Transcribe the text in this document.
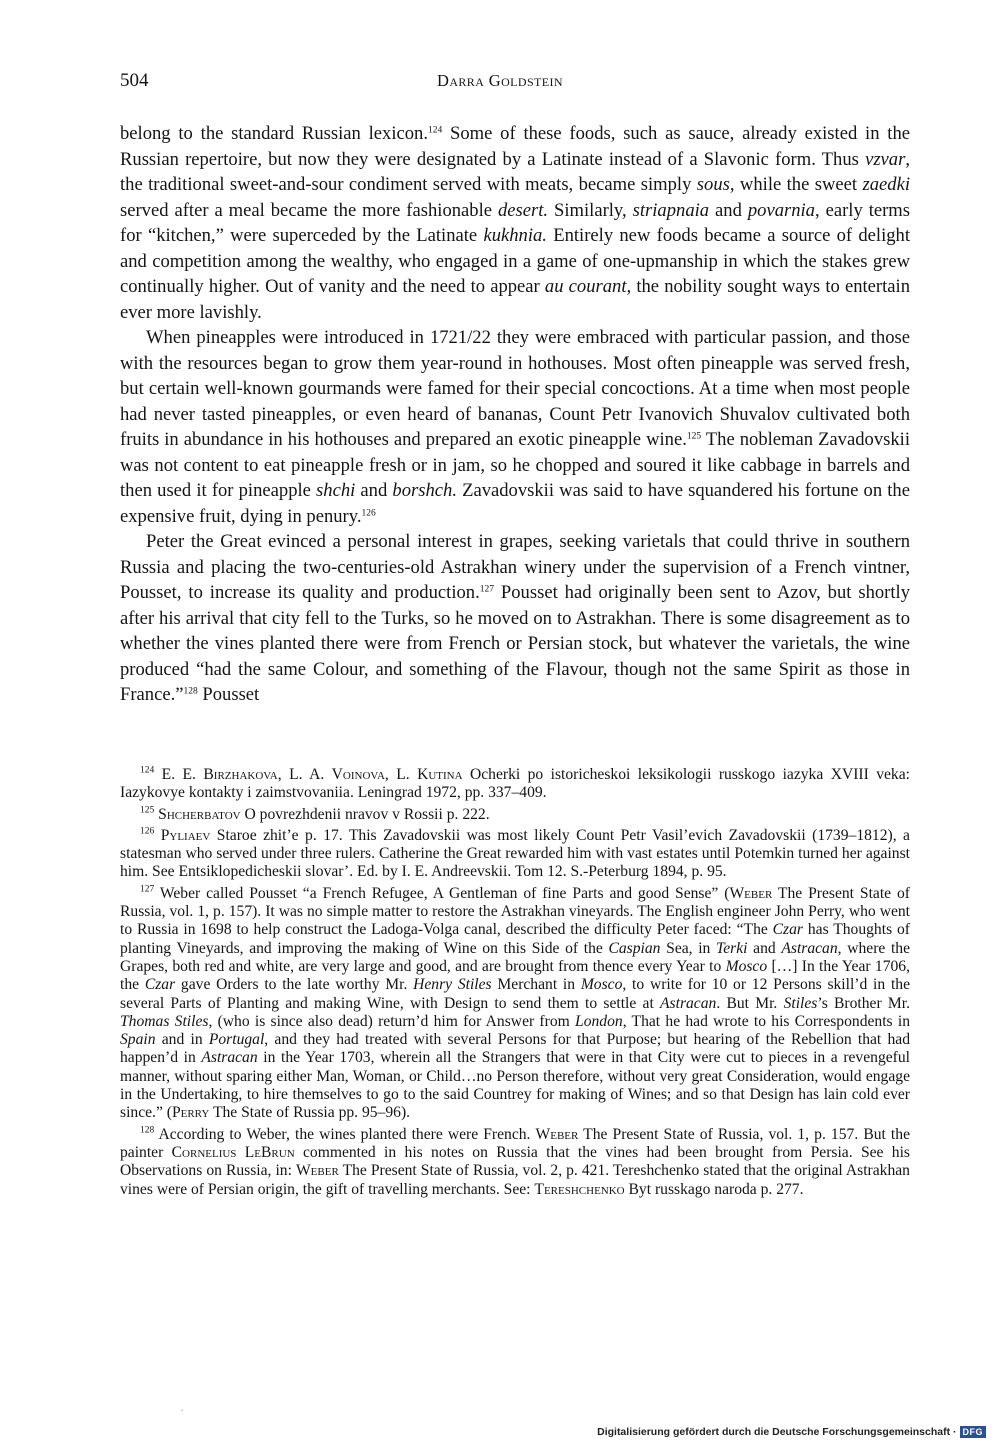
504	Darra Goldstein

belong to the standard Russian lexicon.$^{124}$ Some of these foods, such as sauce, already existed in the Russian repertoire, but now they were designated by a Latinate instead of a Slavonic form. Thus vzvar, the traditional sweet-and-sour condiment served with meats, became simply sous, while the sweet zaedki served after a meal became the more fashionable desert. Similarly, striapnaia and povarnia, early terms for “kitchen,” were superceded by the Latinate kukhnia. Entirely new foods became a source of delight and competition among the wealthy, who engaged in a game of one-upmanship in which the stakes grew continually higher. Out of vanity and the need to appear au courant, the nobility sought ways to entertain ever more lavishly.

When pineapples were introduced in 1721/22 they were embraced with particular passion, and those with the resources began to grow them year-round in hothouses. Most often pineapple was served fresh, but certain well-known gourmands were famed for their special concoctions. At a time when most people had never tasted pineapples, or even heard of bananas, Count Petr Ivanovich Shuvalov cultivated both fruits in abundance in his hothouses and prepared an exotic pineapple wine.$^{125}$ The nobleman Zavadovskii was not content to eat pineapple fresh or in jam, so he chopped and soured it like cabbage in barrels and then used it for pineapple shchi and borshch. Zavadovskii was said to have squandered his fortune on the expensive fruit, dying in penury.$^{126}$

Peter the Great evinced a personal interest in grapes, seeking varietals that could thrive in southern Russia and placing the two-centuries-old Astrakhan winery under the supervision of a French vintner, Pousset, to increase its quality and production.$^{127}$ Pousset had originally been sent to Azov, but shortly after his arrival that city fell to the Turks, so he moved on to Astrakhan. There is some disagreement as to whether the vines planted there were from French or Persian stock, but whatever the varietals, the wine produced “had the same Colour, and something of the Flavour, though not the same Spirit as those in France.”$^{128}$ Pousset

$^{124}$ E. E. Birzhakova, L. A. Voinova, L. Kutina Ocherki po istoricheskoi leksikologii russkogo iazyka XVIII veka: Iazykovye kontakty i zaimstvovaniia. Leningrad 1972, pp. 337–409.

$^{125}$ Shcherbatov O povrezhdenii nravov v Rossii p. 222.

$^{126}$ Pyliaev Staroe zhit’e p. 17. This Zavadovskii was most likely Count Petr Vasil’evich Zavadovskii (1739–1812), a statesman who served under three rulers. Catherine the Great rewarded him with vast estates until Potemkin turned her against him. See Entsiklopedicheskii slovar’. Ed. by I. E. Andreevskii. Tom 12. S.-Peterburg 1894, p. 95.

$^{127}$ Weber called Pousset “a French Refugee, A Gentleman of fine Parts and good Sense” (Weber The Present State of Russia, vol. 1, p. 157). It was no simple matter to restore the Astrakhan vineyards. The English engineer John Perry, who went to Russia in 1698 to help construct the Ladoga-Volga canal, described the difficulty Peter faced: “The Czar has Thoughts of planting Vineyards, and improving the making of Wine on this Side of the Caspian Sea, in Terki and Astracan, where the Grapes, both red and white, are very large and good, and are brought from thence every Year to Mosco […] In the Year 1706, the Czar gave Orders to the late worthy Mr. Henry Stiles Merchant in Mosco, to write for 10 or 12 Persons skill’d in the several Parts of Planting and making Wine, with Design to send them to settle at Astracan. But Mr. Stiles’s Brother Mr. Thomas Stiles, (who is since also dead) return’d him for Answer from London, That he had wrote to his Correspondents in Spain and in Portugal, and they had treated with several Persons for that Purpose; but hearing of the Rebellion that had happen’d in Astracan in the Year 1703, wherein all the Strangers that were in that City were cut to pieces in a revengeful manner, without sparing either Man, Woman, or Child…no Person therefore, without very great Consideration, would engage in the Undertaking, to hire themselves to go to the said Countrey for making of Wines; and so that Design has lain cold ever since.” (Perry The State of Russia pp. 95–96).

$^{128}$ According to Weber, the wines planted there were French. Weber The Present State of Russia, vol. 1, p. 157. But the painter Cornelius LeBrun commented in his notes on Russia that the vines had been brought from Persia. See his Observations on Russia, in: Weber The Present State of Russia, vol. 2, p. 421. Tereshchenko stated that the original Astrakhan vines were of Persian origin, the gift of travelling merchants. See: Tereshchenko Byt russkago naroda p. 277.

·
Digitalisierung gefördert durch die Deutsche Forschungsgemeinschaft · DFG
